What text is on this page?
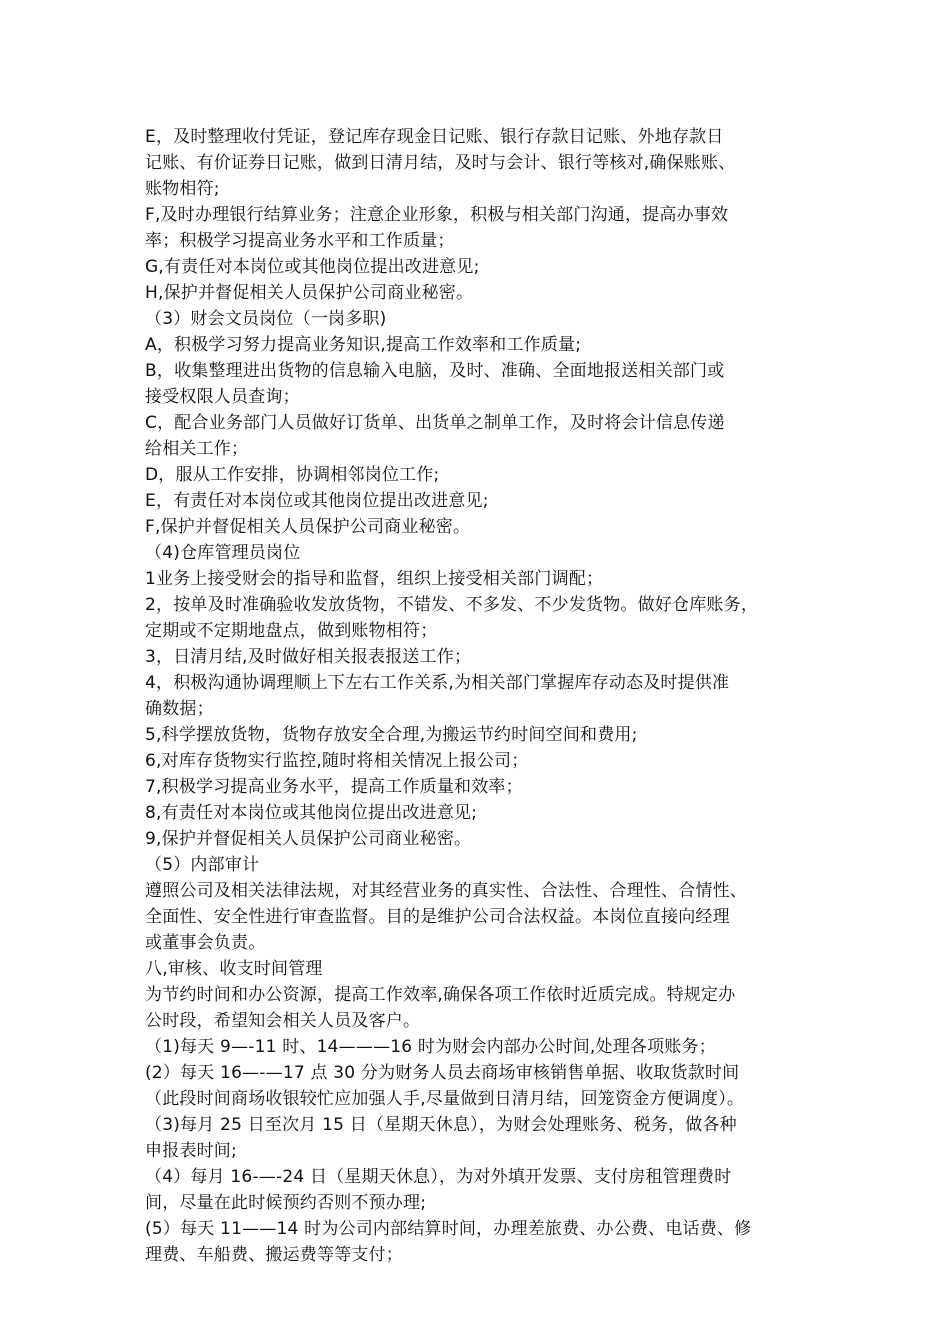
E，及时整理收付凭证，登记库存现金日记账、银行存款日记账、外地存款日
记账、有价证券日记账，做到日清月结，及时与会计、银行等核对,确保账账、
账物相符;
F,及时办理银行结算业务；注意企业形象，积极与相关部门沟通，提高办事效
率；积极学习提高业务水平和工作质量；
G,有责任对本岗位或其他岗位提出改进意见;
H,保护并督促相关人员保护公司商业秘密。
（3）财会文员岗位（一岗多职)
A，积极学习努力提高业务知识,提高工作效率和工作质量;
B，收集整理进出货物的信息输入电脑，及时、准确、全面地报送相关部门或
接受权限人员查询；
C，配合业务部门人员做好订货单、出货单之制单工作，及时将会计信息传递
给相关工作；
D，服从工作安排，协调相邻岗位工作;
E，有责任对本岗位或其他岗位提出改进意见;
F,保护并督促相关人员保护公司商业秘密。
（4)仓库管理员岗位
1业务上接受财会的指导和监督，组织上接受相关部门调配；
2，按单及时准确验收发放货物，不错发、不多发、不少发货物。做好仓库账务，
定期或不定期地盘点，做到账物相符；
3，日清月结,及时做好相关报表报送工作；
4，积极沟通协调理顺上下左右工作关系,为相关部门掌握库存动态及时提供准
确数据；
5,科学摆放货物，货物存放安全合理,为搬运节约时间空间和费用;
6,对库存货物实行监控,随时将相关情况上报公司；
7,积极学习提高业务水平，提高工作质量和效率；
8,有责任对本岗位或其他岗位提出改进意见;
9,保护并督促相关人员保护公司商业秘密。
（5）内部审计
遵照公司及相关法律法规，对其经营业务的真实性、合法性、合理性、合情性、
全面性、安全性进行审查监督。目的是维护公司合法权益。本岗位直接向经理
或董事会负责。
八,审核、收支时间管理
为节约时间和办公资源，提高工作效率,确保各项工作依时近质完成。特规定办
公时段，希望知会相关人员及客户。
（1)每天 9—-11 时、14———16 时为财会内部办公时间,处理各项账务；
(2）每天 16—-—17 点 30 分为财务人员去商场审核销售单据、收取货款时间
（此段时间商场收银较忙应加强人手,尽量做到日清月结，回笼资金方便调度）。
（3)每月 25 日至次月 15 日（星期天休息），为财会处理账务、税务，做各种
申报表时间;
（4）每月 16-—-24 日（星期天休息），为对外填开发票、支付房租管理费时
间，尽量在此时候预约否则不预办理;
(5）每天 11——14 时为公司内部结算时间，办理差旅费、办公费、电话费、修
理费、车船费、搬运费等等支付；
